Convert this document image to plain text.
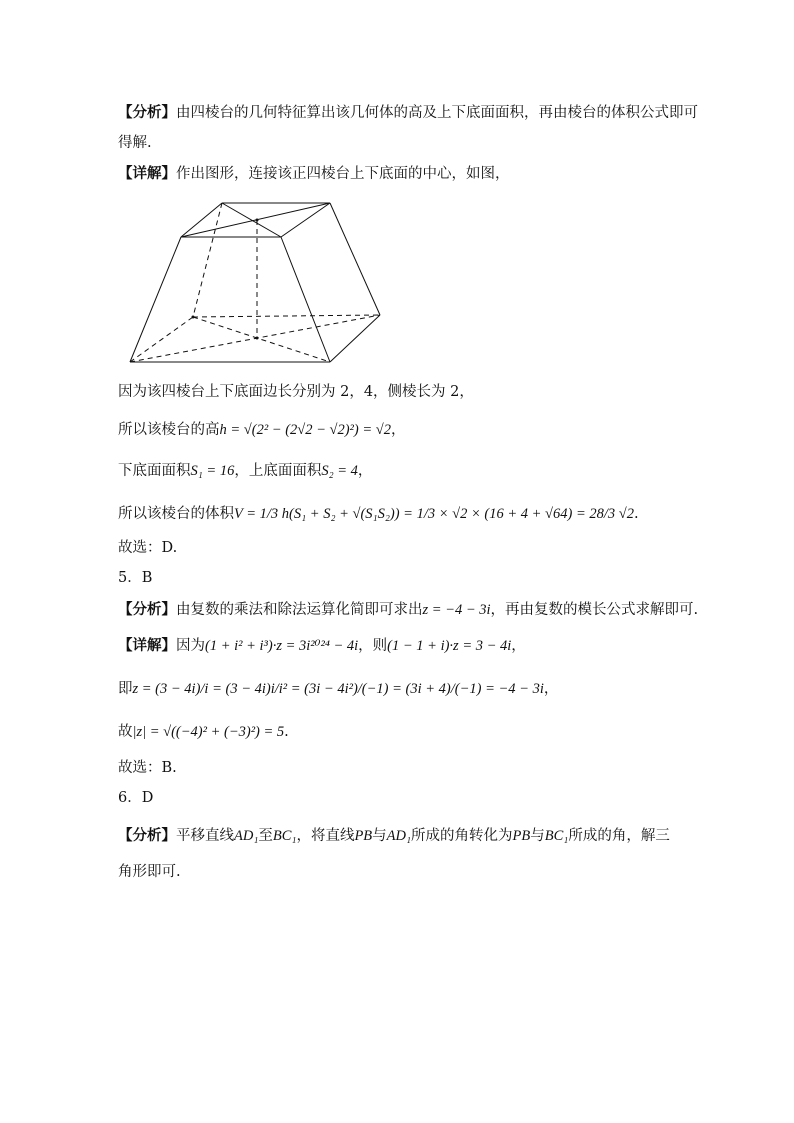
【分析】由四棱台的几何特征算出该几何体的高及上下底面面积，再由棱台的体积公式即可
得解.
【详解】作出图形，连接该正四棱台上下底面的中心，如图，
因为该四棱台上下底面边长分别为 2，4，侧棱长为 2，
所以该棱台的高h = √(2² − (2√2 − √2)²) = √2，
下底面面积S₁ = 16，上底面面积S₂ = 4，
所以该棱台的体积V = 1/3 h(S₁ + S₂ + √(S₁S₂)) = 1/3 × √2 × (16 + 4 + √64) = 28/3 √2.
故选：D.
5．B
【分析】由复数的乘法和除法运算化简即可求出z = −4 − 3i，再由复数的模长公式求解即可.
【详解】因为(1 + i² + i³)·z = 3i²⁰²⁴ − 4i，则(1 − 1 + i)·z = 3 − 4i，
即z = (3 − 4i)/i = (3 − 4i)i/i² = (3i − 4i²)/(−1) = (3i + 4)/(−1) = −4 − 3i，
故|z| = √((−4)² + (−3)²) = 5.
故选：B.
6．D
【分析】平移直线AD₁至BC₁，将直线PB与AD₁所成的角转化为PB与BC₁所成的角，解三
角形即可.
